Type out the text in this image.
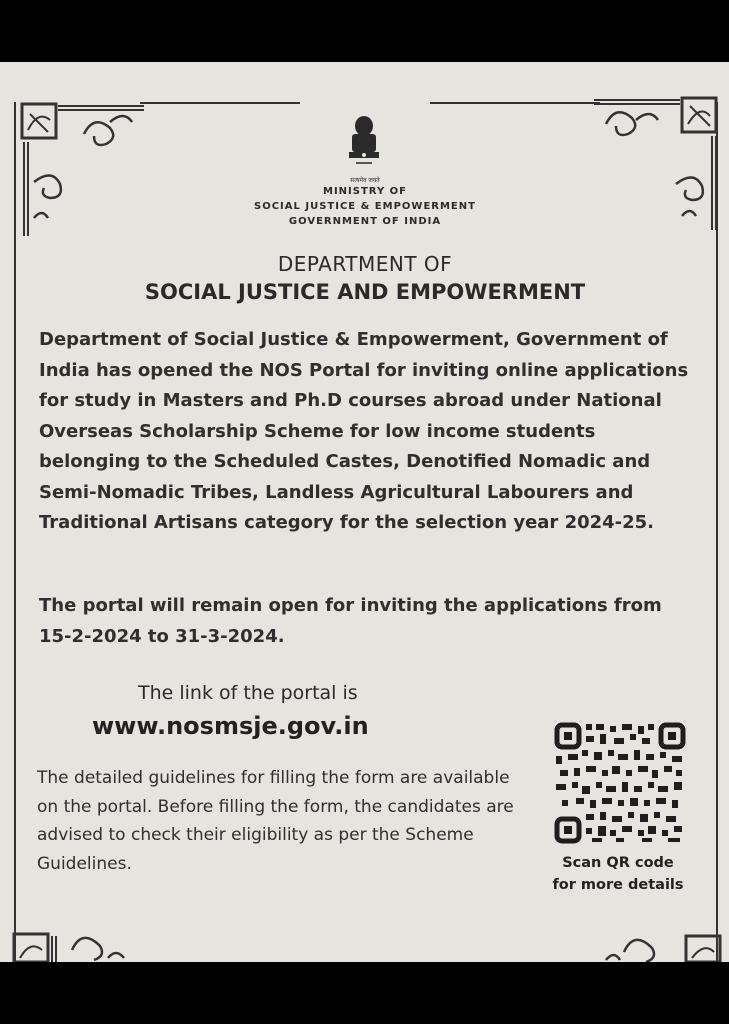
सत्यमेव जयते
MINISTRY OF
SOCIAL JUSTICE & EMPOWERMENT
GOVERNMENT OF INDIA
DEPARTMENT OF
SOCIAL JUSTICE AND EMPOWERMENT

Department of Social Justice & Empowerment, Government of India has opened the NOS Portal for inviting online applications for study in Masters and Ph.D courses abroad under National Overseas Scholarship Scheme for low income students belonging to the Scheduled Castes, Denotified Nomadic and Semi-Nomadic Tribes, Landless Agricultural Labourers and Traditional Artisans category for the selection year 2024-25.

The portal will remain open for inviting the applications from 15-2-2024 to 31-3-2024.

The link of the portal is
www.nosmsje.gov.in

The detailed guidelines for filling the form are available on the portal. Before filling the form, the candidates are advised to check their eligibility as per the Scheme Guidelines.	Scan QR code
for more details
